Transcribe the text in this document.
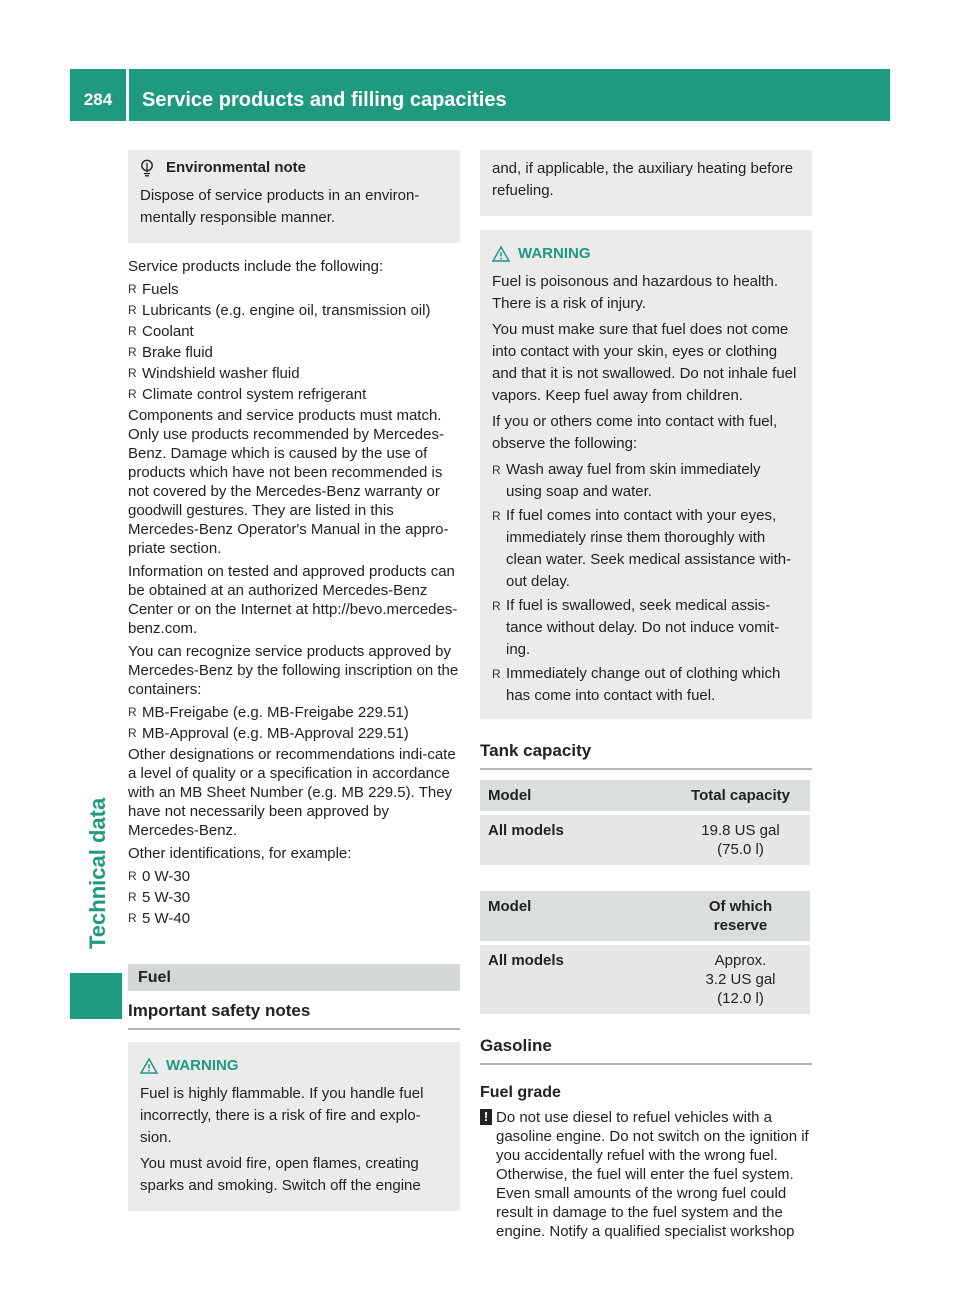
284	Service products and filling capacities
Technical data
Environmental note
Dispose of service products in an environ-mentally responsible manner.
Service products include the following:
R Fuels
R Lubricants (e.g. engine oil, transmission oil)
R Coolant
R Brake fluid
R Windshield washer fluid
R Climate control system refrigerant
Components and service products must match. Only use products recommended by Mercedes-Benz. Damage which is caused by the use of products which have not been recommended is not covered by the Mercedes-Benz warranty or goodwill gestures. They are listed in this Mercedes-Benz Operator's Manual in the appro-priate section.
Information on tested and approved products can be obtained at an authorized Mercedes-Benz Center or on the Internet at http://bevo.mercedes-benz.com.
You can recognize service products approved by Mercedes-Benz by the following inscription on the containers:
R MB-Freigabe (e.g. MB-Freigabe 229.51)
R MB-Approval (e.g. MB-Approval 229.51)
Other designations or recommendations indi-cate a level of quality or a specification in accordance with an MB Sheet Number (e.g. MB 229.5). They have not necessarily been approved by Mercedes-Benz.
Other identifications, for example:
R 0 W-30
R 5 W-30
R 5 W-40
Fuel
Important safety notes
WARNING
Fuel is highly flammable. If you handle fuel incorrectly, there is a risk of fire and explo-sion.
You must avoid fire, open flames, creating sparks and smoking. Switch off the engine
and, if applicable, the auxiliary heating before refueling.
WARNING
Fuel is poisonous and hazardous to health. There is a risk of injury.
You must make sure that fuel does not come into contact with your skin, eyes or clothing and that it is not swallowed. Do not inhale fuel vapors. Keep fuel away from children.
If you or others come into contact with fuel, observe the following:
R Wash away fuel from skin immediately using soap and water.
R If fuel comes into contact with your eyes, immediately rinse them thoroughly with clean water. Seek medical assistance with-out delay.
R If fuel is swallowed, seek medical assis-tance without delay. Do not induce vomit-ing.
R Immediately change out of clothing which has come into contact with fuel.
Tank capacity
Model	Total capacity
All models	19.8 US gal
(75.0 l)
Model	Of which
reserve

All models	Approx.
3.2 US gal
(12.0 l)
Gasoline
Fuel grade
! Do not use diesel to refuel vehicles with a gasoline engine. Do not switch on the ignition if you accidentally refuel with the wrong fuel. Otherwise, the fuel will enter the fuel system. Even small amounts of the wrong fuel could result in damage to the fuel system and the engine. Notify a qualified specialist workshop
